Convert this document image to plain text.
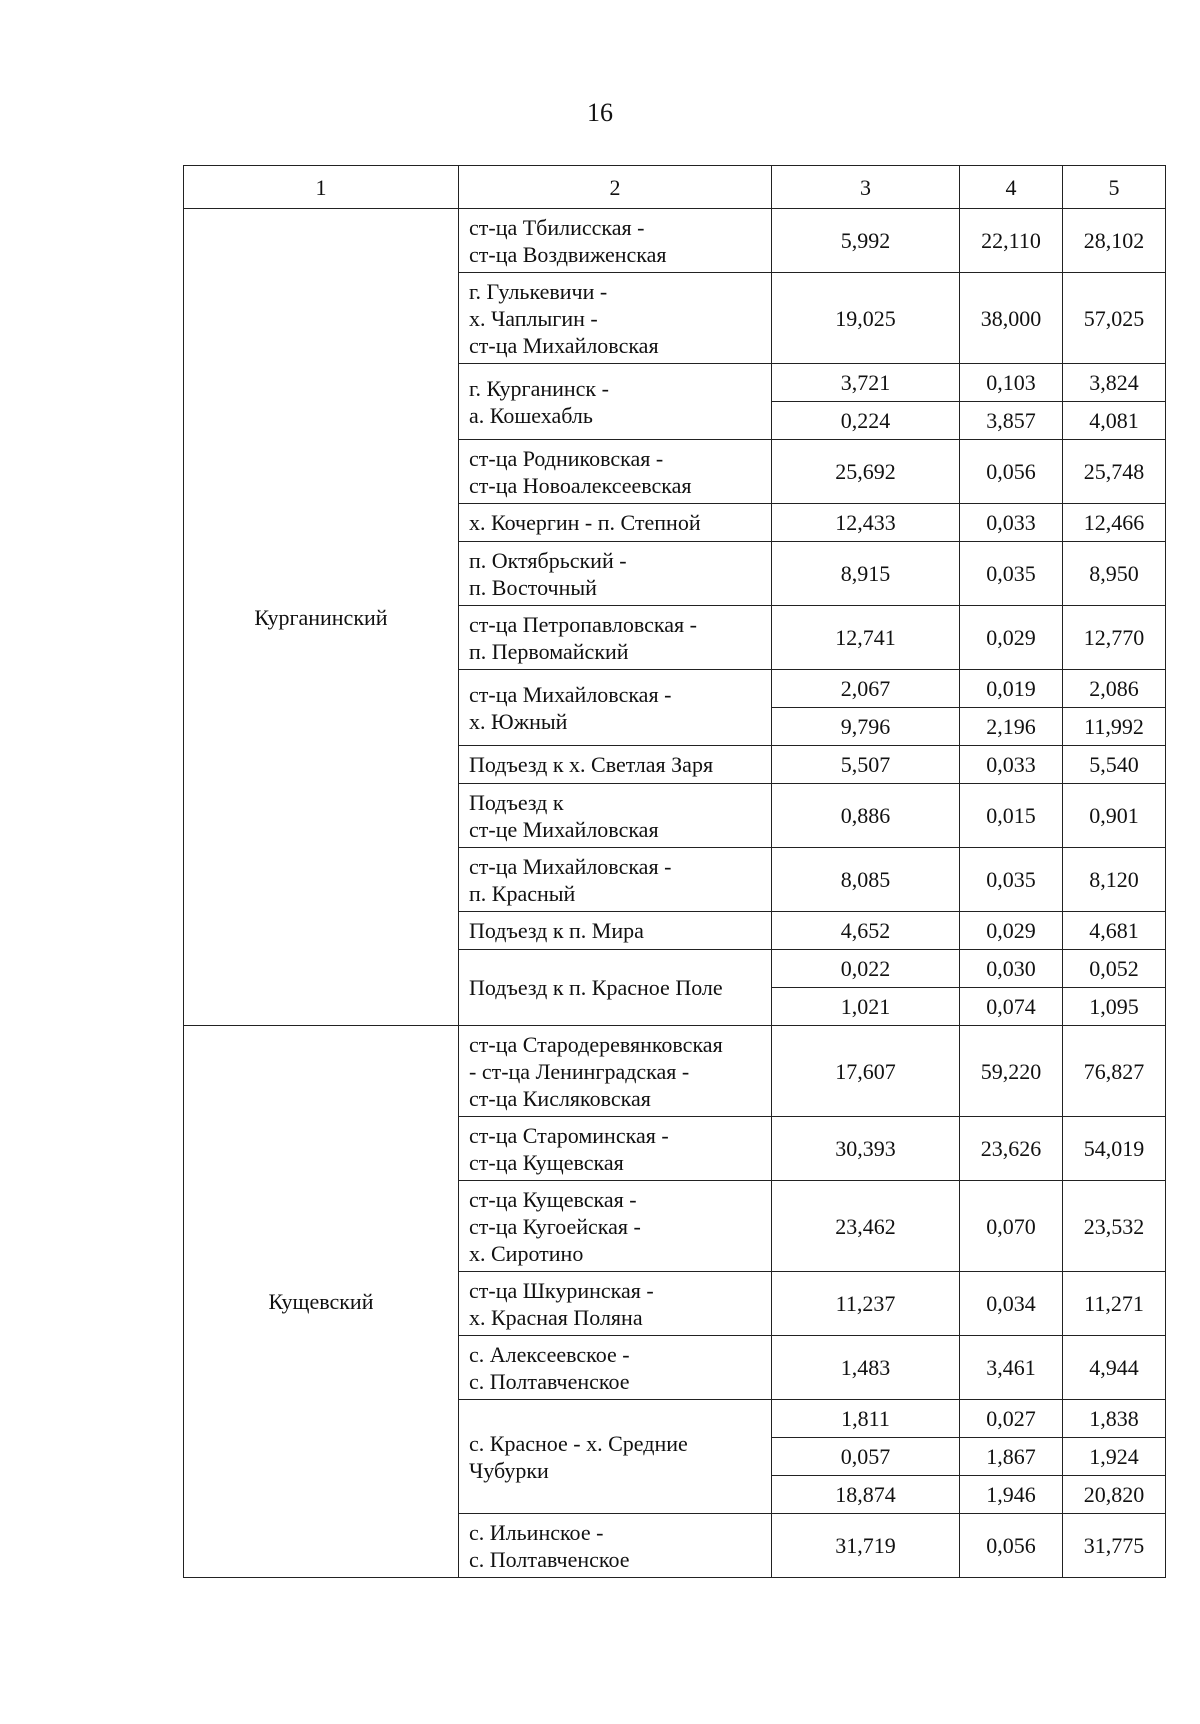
16
1	2	3	4	5
Курганинский	ст-ца Тбилисская -
ст-ца Воздвиженская	5,992	22,110	28,102

	г. Гулькевичи -
х. Чаплыгин -
ст-ца Михайловская	19,025	38,000	57,025

	г. Курганинск -
а. Кошехабль	3,721	0,103	3,824
		0,224	3,857	4,081

	ст-ца Родниковская -
ст-ца Новоалексеевская	25,692	0,056	25,748

	х. Кочергин - п. Степной	12,433	0,033	12,466

	п. Октябрьский -
п. Восточный	8,915	0,035	8,950

	ст-ца Петропавловская -
п. Первомайский	12,741	0,029	12,770

	ст-ца Михайловская -
х. Южный	2,067	0,019	2,086
		9,796	2,196	11,992

	Подъезд к х. Светлая Заря	5,507	0,033	5,540

	Подъезд к
ст-це Михайловская	0,886	0,015	0,901

	ст-ца Михайловская -
п. Красный	8,085	0,035	8,120

	Подъезд к п. Мира	4,652	0,029	4,681

	Подъезд к п. Красное Поле	0,022	0,030	0,052
		1,021	0,074	1,095
Кущевский	ст-ца Стародеревянковская
- ст-ца Ленинградская -
ст-ца Кисляковская	17,607	59,220	76,827

	ст-ца Староминская -
ст-ца Кущевская	30,393	23,626	54,019

	ст-ца Кущевская -
ст-ца Кугоейская -
х. Сиротино	23,462	0,070	23,532

	ст-ца Шкуринская -
х. Красная Поляна	11,237	0,034	11,271

	с. Алексеевское -
с. Полтавченское	1,483	3,461	4,944

	с. Красное - х. Средние
Чубурки	1,811	0,027	1,838
		0,057	1,867	1,924
		18,874	1,946	20,820

	с. Ильинское -
с. Полтавченское	31,719	0,056	31,775
